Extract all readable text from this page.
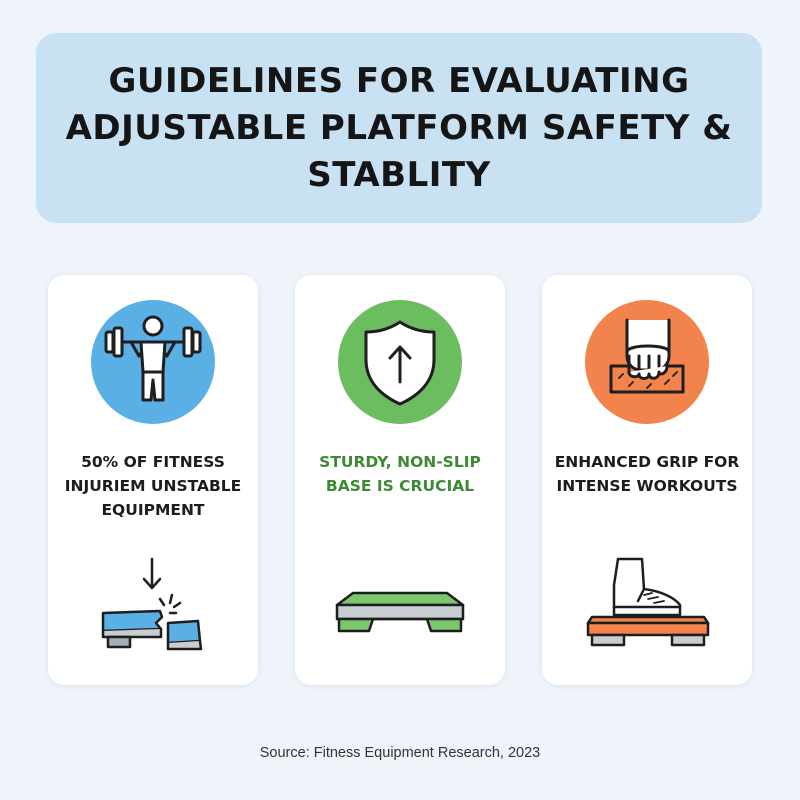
GUIDELINES FOR EVALUATING ADJUSTABLE PLATFORM SAFETY & STABLITY

50% OF FITNESS INJURIEM UNSTABLE EQUIPMENT

STURDY, NON-SLIP BASE IS CRUCIAL

ENHANCED GRIP FOR INTENSE WORKOUTS

Source: Fitness Equipment Research, 2023
